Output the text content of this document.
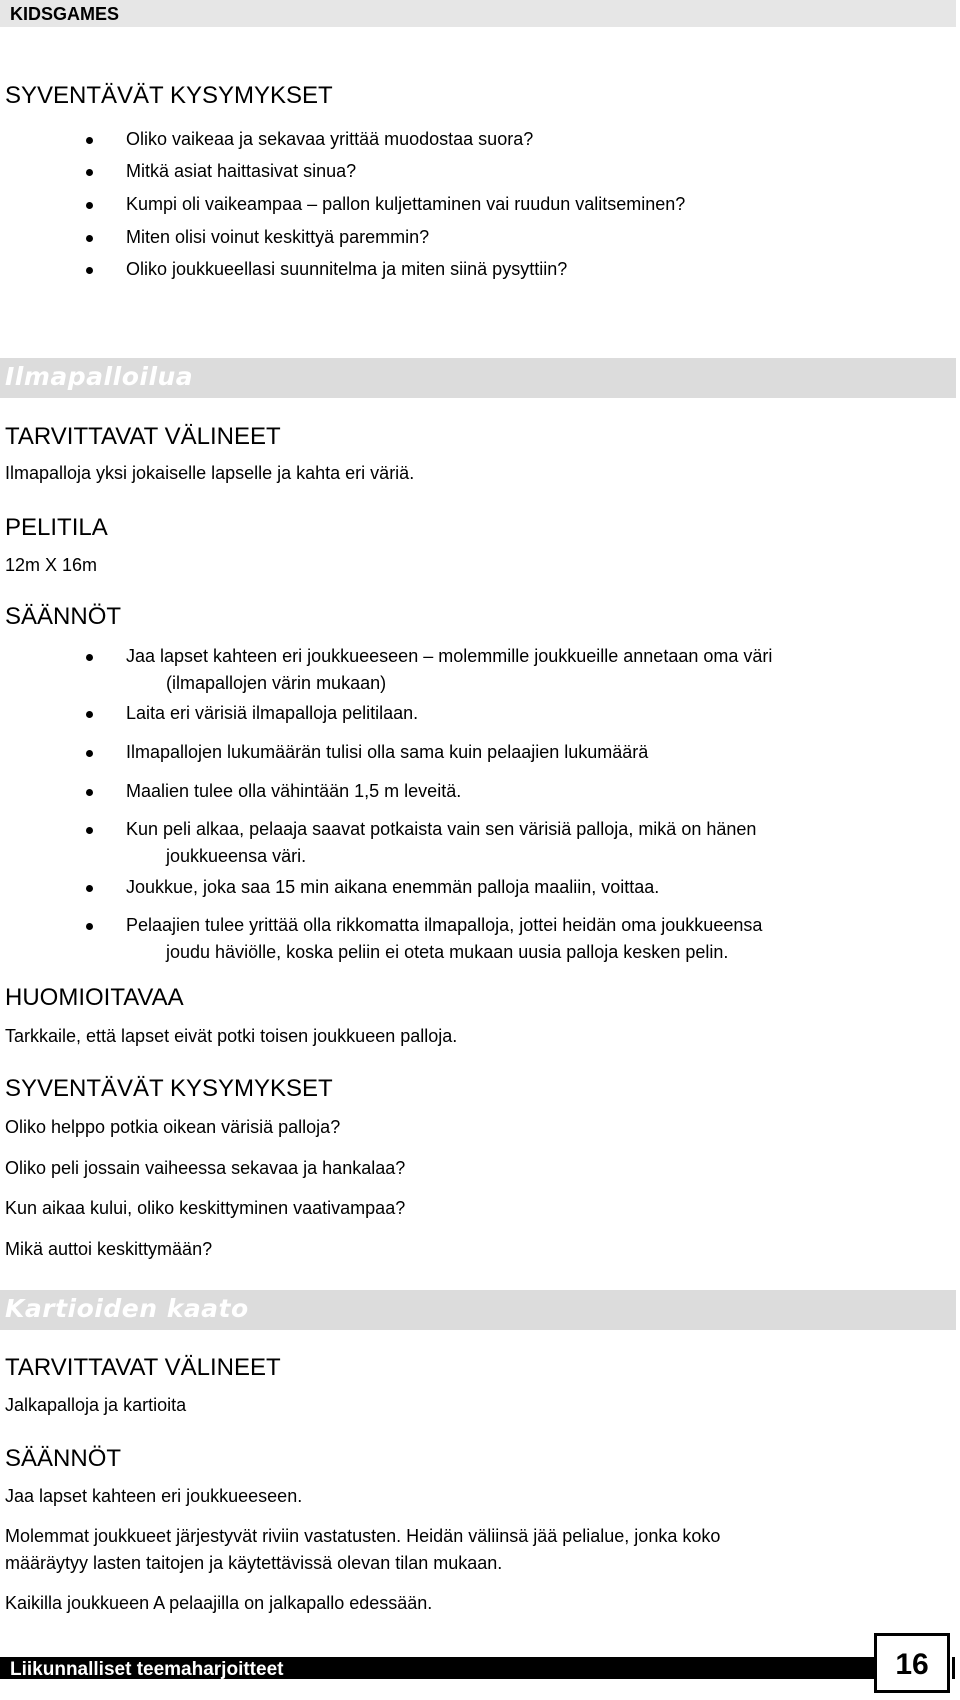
KIDSGAMES
SYVENTÄVÄT KYSYMYKSET
Oliko vaikeaa ja sekavaa yrittää muodostaa suora?
Mitkä asiat haittasivat sinua?
Kumpi oli vaikeampaa – pallon kuljettaminen vai ruudun valitseminen?
Miten olisi voinut keskittyä paremmin?
Oliko joukkueellasi suunnitelma ja miten siinä pysyttiin?
Ilmapalloilua
TARVITTAVAT VÄLINEET
Ilmapalloja yksi jokaiselle lapselle ja kahta eri väriä.
PELITILA
12m X 16m
SÄÄNNÖT
Jaa lapset kahteen eri joukkueeseen – molemmille joukkueille annetaan oma väri
(ilmapallojen värin mukaan)
Laita eri värisiä ilmapalloja pelitilaan.
Ilmapallojen lukumäärän tulisi olla sama kuin pelaajien lukumäärä
Maalien tulee olla vähintään 1,5 m leveitä.
Kun peli alkaa, pelaaja saavat potkaista vain sen värisiä palloja, mikä on hänen
joukkueensa väri.
Joukkue, joka saa 15 min aikana enemmän palloja maaliin, voittaa.
Pelaajien tulee yrittää olla rikkomatta ilmapalloja, jottei heidän oma joukkueensa
joudu häviölle, koska peliin ei oteta mukaan uusia palloja kesken pelin.
HUOMIOITAVAA
Tarkkaile, että lapset eivät potki toisen joukkueen palloja.
SYVENTÄVÄT KYSYMYKSET
Oliko helppo potkia oikean värisiä palloja?
Oliko peli jossain vaiheessa sekavaa ja hankalaa?
Kun aikaa kului, oliko keskittyminen vaativampaa?
Mikä auttoi keskittymään?
Kartioiden kaato
TARVITTAVAT VÄLINEET
Jalkapalloja ja kartioita
SÄÄNNÖT
Jaa lapset kahteen eri joukkueeseen.
Molemmat joukkueet järjestyvät riviin vastatusten. Heidän väliinsä jää pelialue, jonka koko
määräytyy lasten taitojen ja käytettävissä olevan tilan mukaan.
Kaikilla joukkueen A pelaajilla on jalkapallo edessään.
Liikunnalliset teemaharjoitteet	16
